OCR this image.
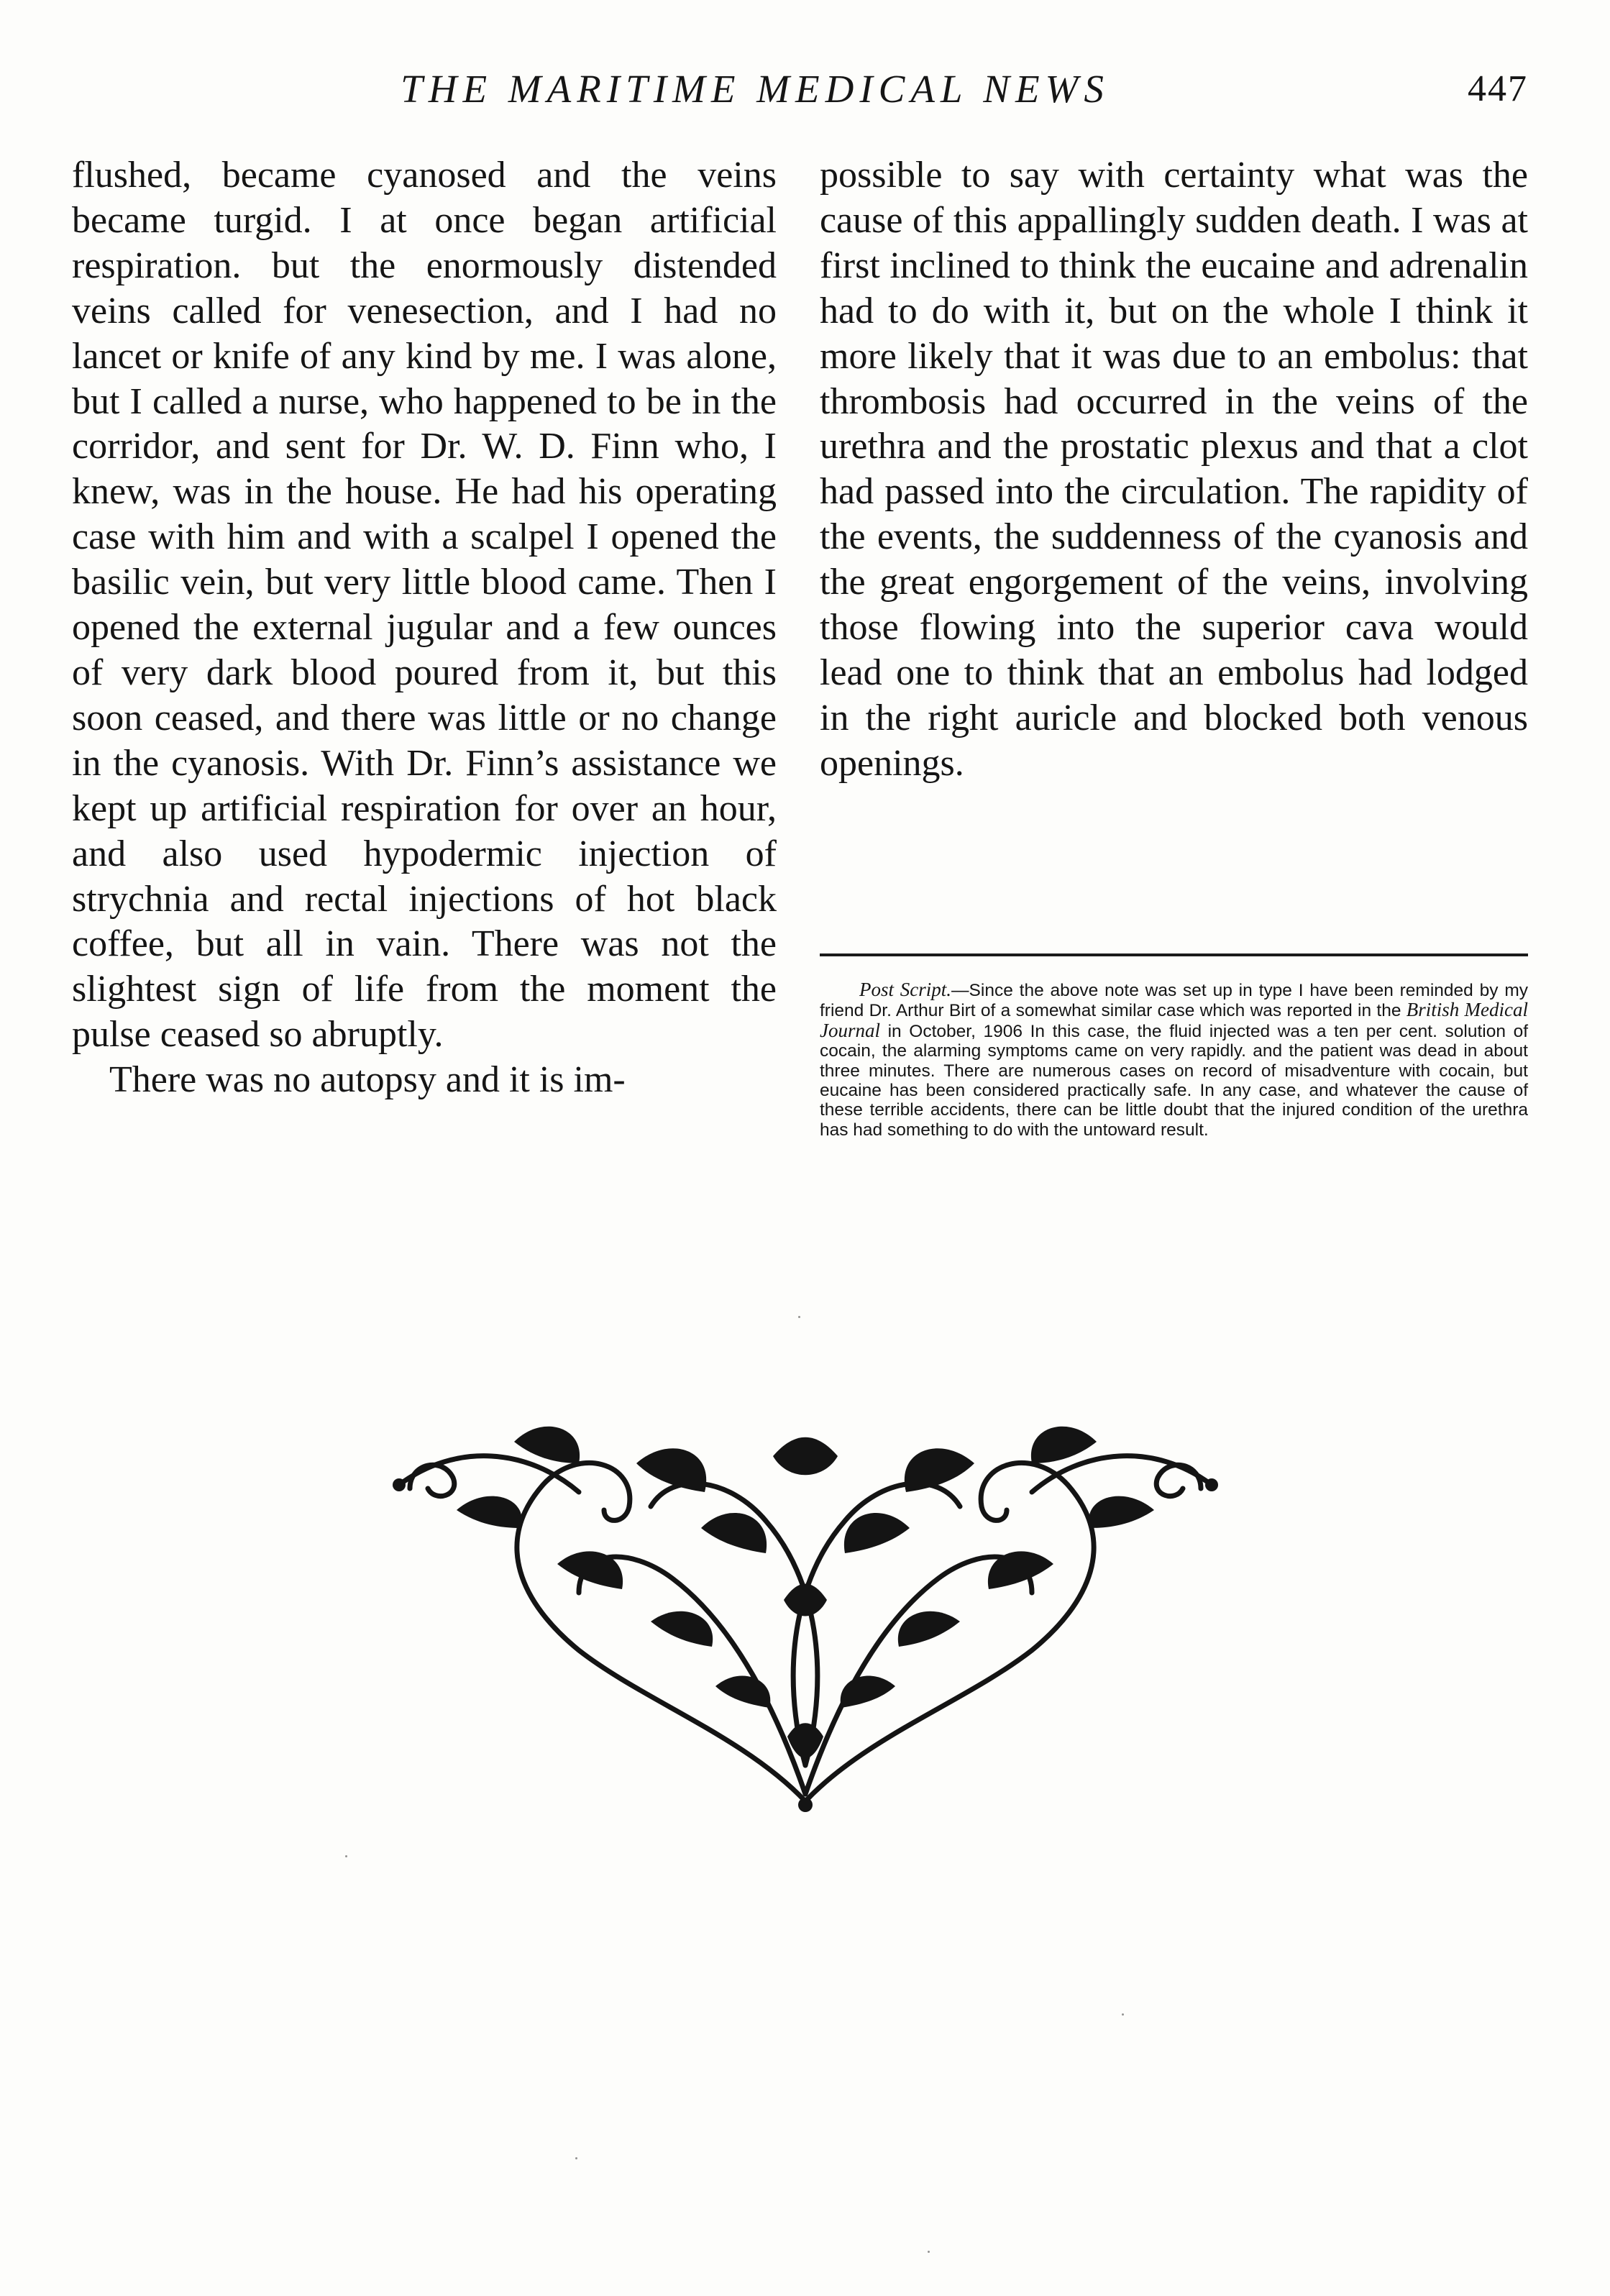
THE MARITIME MEDICAL NEWS	447

flushed, became cyanosed and the veins became turgid. I at once began artificial respiration. but the enormously distended veins called for venesection, and I had no lancet or knife of any kind by me. I was alone, but I called a nurse, who happened to be in the corridor, and sent for Dr. W. D. Finn who, I knew, was in the house. He had his operating case with him and with a scalpel I opened the basilic vein, but very little blood came. Then I opened the external jugular and a few ounces of very dark blood poured from it, but this soon ceased, and there was little or no change in the cyanosis. With Dr. Finn’s assistance we kept up artificial respiration for over an hour, and also used hypodermic injection of strychnia and rectal injections of hot black coffee, but all in vain. There was not the slightest sign of life from the moment the pulse ceased so abruptly.

There was no autopsy and it is im-

possible to say with certainty what was the cause of this appallingly sudden death. I was at first inclined to think the eucaine and adrenalin had to do with it, but on the whole I think it more likely that it was due to an embolus: that thrombosis had occurred in the veins of the urethra and the prostatic plexus and that a clot had passed into the circulation. The rapidity of the events, the suddenness of the cyanosis and the great engorgement of the veins, involving those flowing into the superior cava would lead one to think that an embolus had lodged in the right auricle and blocked both venous openings.

Post Script.—Since the above note was set up in type I have been reminded by my friend Dr. Arthur Birt of a somewhat similar case which was reported in the British Medical Journal in October, 1906 In this case, the fluid injected was a ten per cent. solution of cocain, the alarming symptoms came on very rapidly. and the patient was dead in about three minutes. There are numerous cases on record of misadventure with cocain, but eucaine has been considered practically safe. In any case, and whatever the cause of these terrible accidents, there can be little doubt that the injured condition of the urethra has had something to do with the untoward result.
